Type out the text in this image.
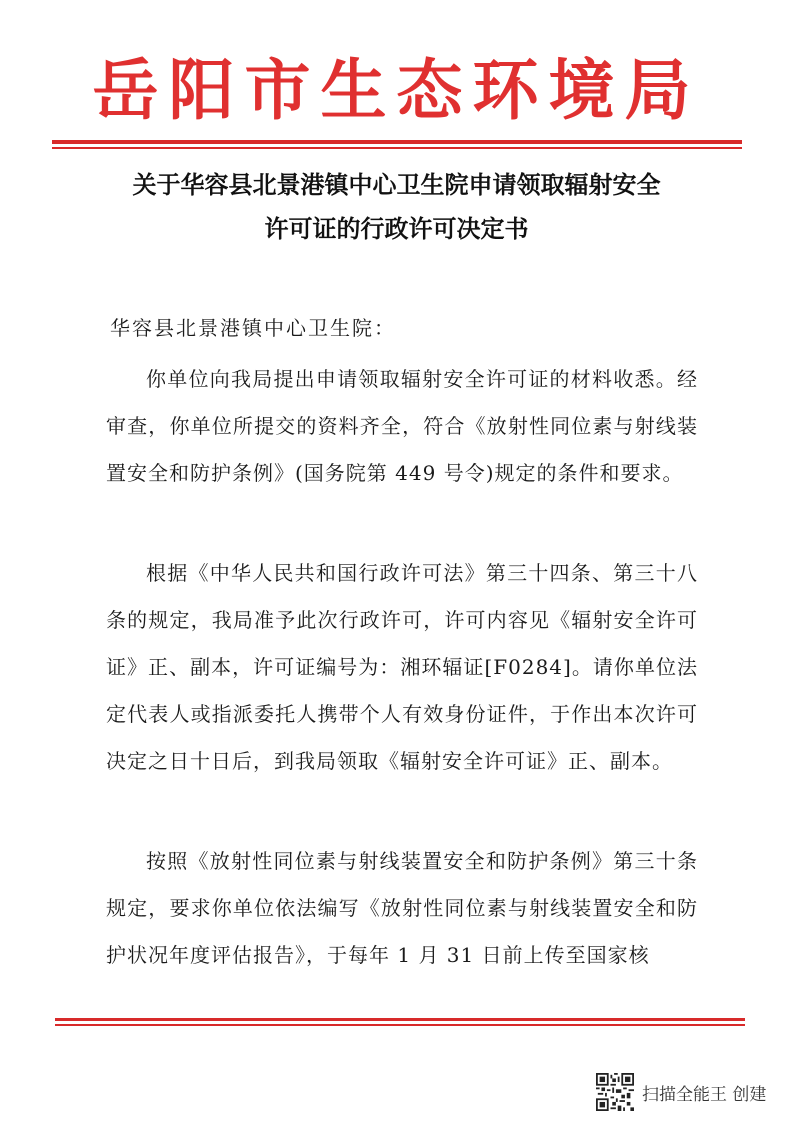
岳阳市生态环境局
关于华容县北景港镇中心卫生院申请领取辐射安全
许可证的行政许可决定书
华容县北景港镇中心卫生院：

你单位向我局提出申请领取辐射安全许可证的材料收悉。经审查，你单位所提交的资料齐全，符合《放射性同位素与射线装置安全和防护条例》(国务院第 449 号令)规定的条件和要求。

根据《中华人民共和国行政许可法》第三十四条、第三十八条的规定，我局准予此次行政许可，许可内容见《辐射安全许可证》正、副本，许可证编号为：湘环辐证[F0284]。请你单位法定代表人或指派委托人携带个人有效身份证件，于作出本次许可决定之日十日后，到我局领取《辐射安全许可证》正、副本。

按照《放射性同位素与射线装置安全和防护条例》第三十条规定，要求你单位依法编写《放射性同位素与射线装置安全和防护状况年度评估报告》，于每年 1 月 31 日前上传至国家核

扫描全能王 创建
